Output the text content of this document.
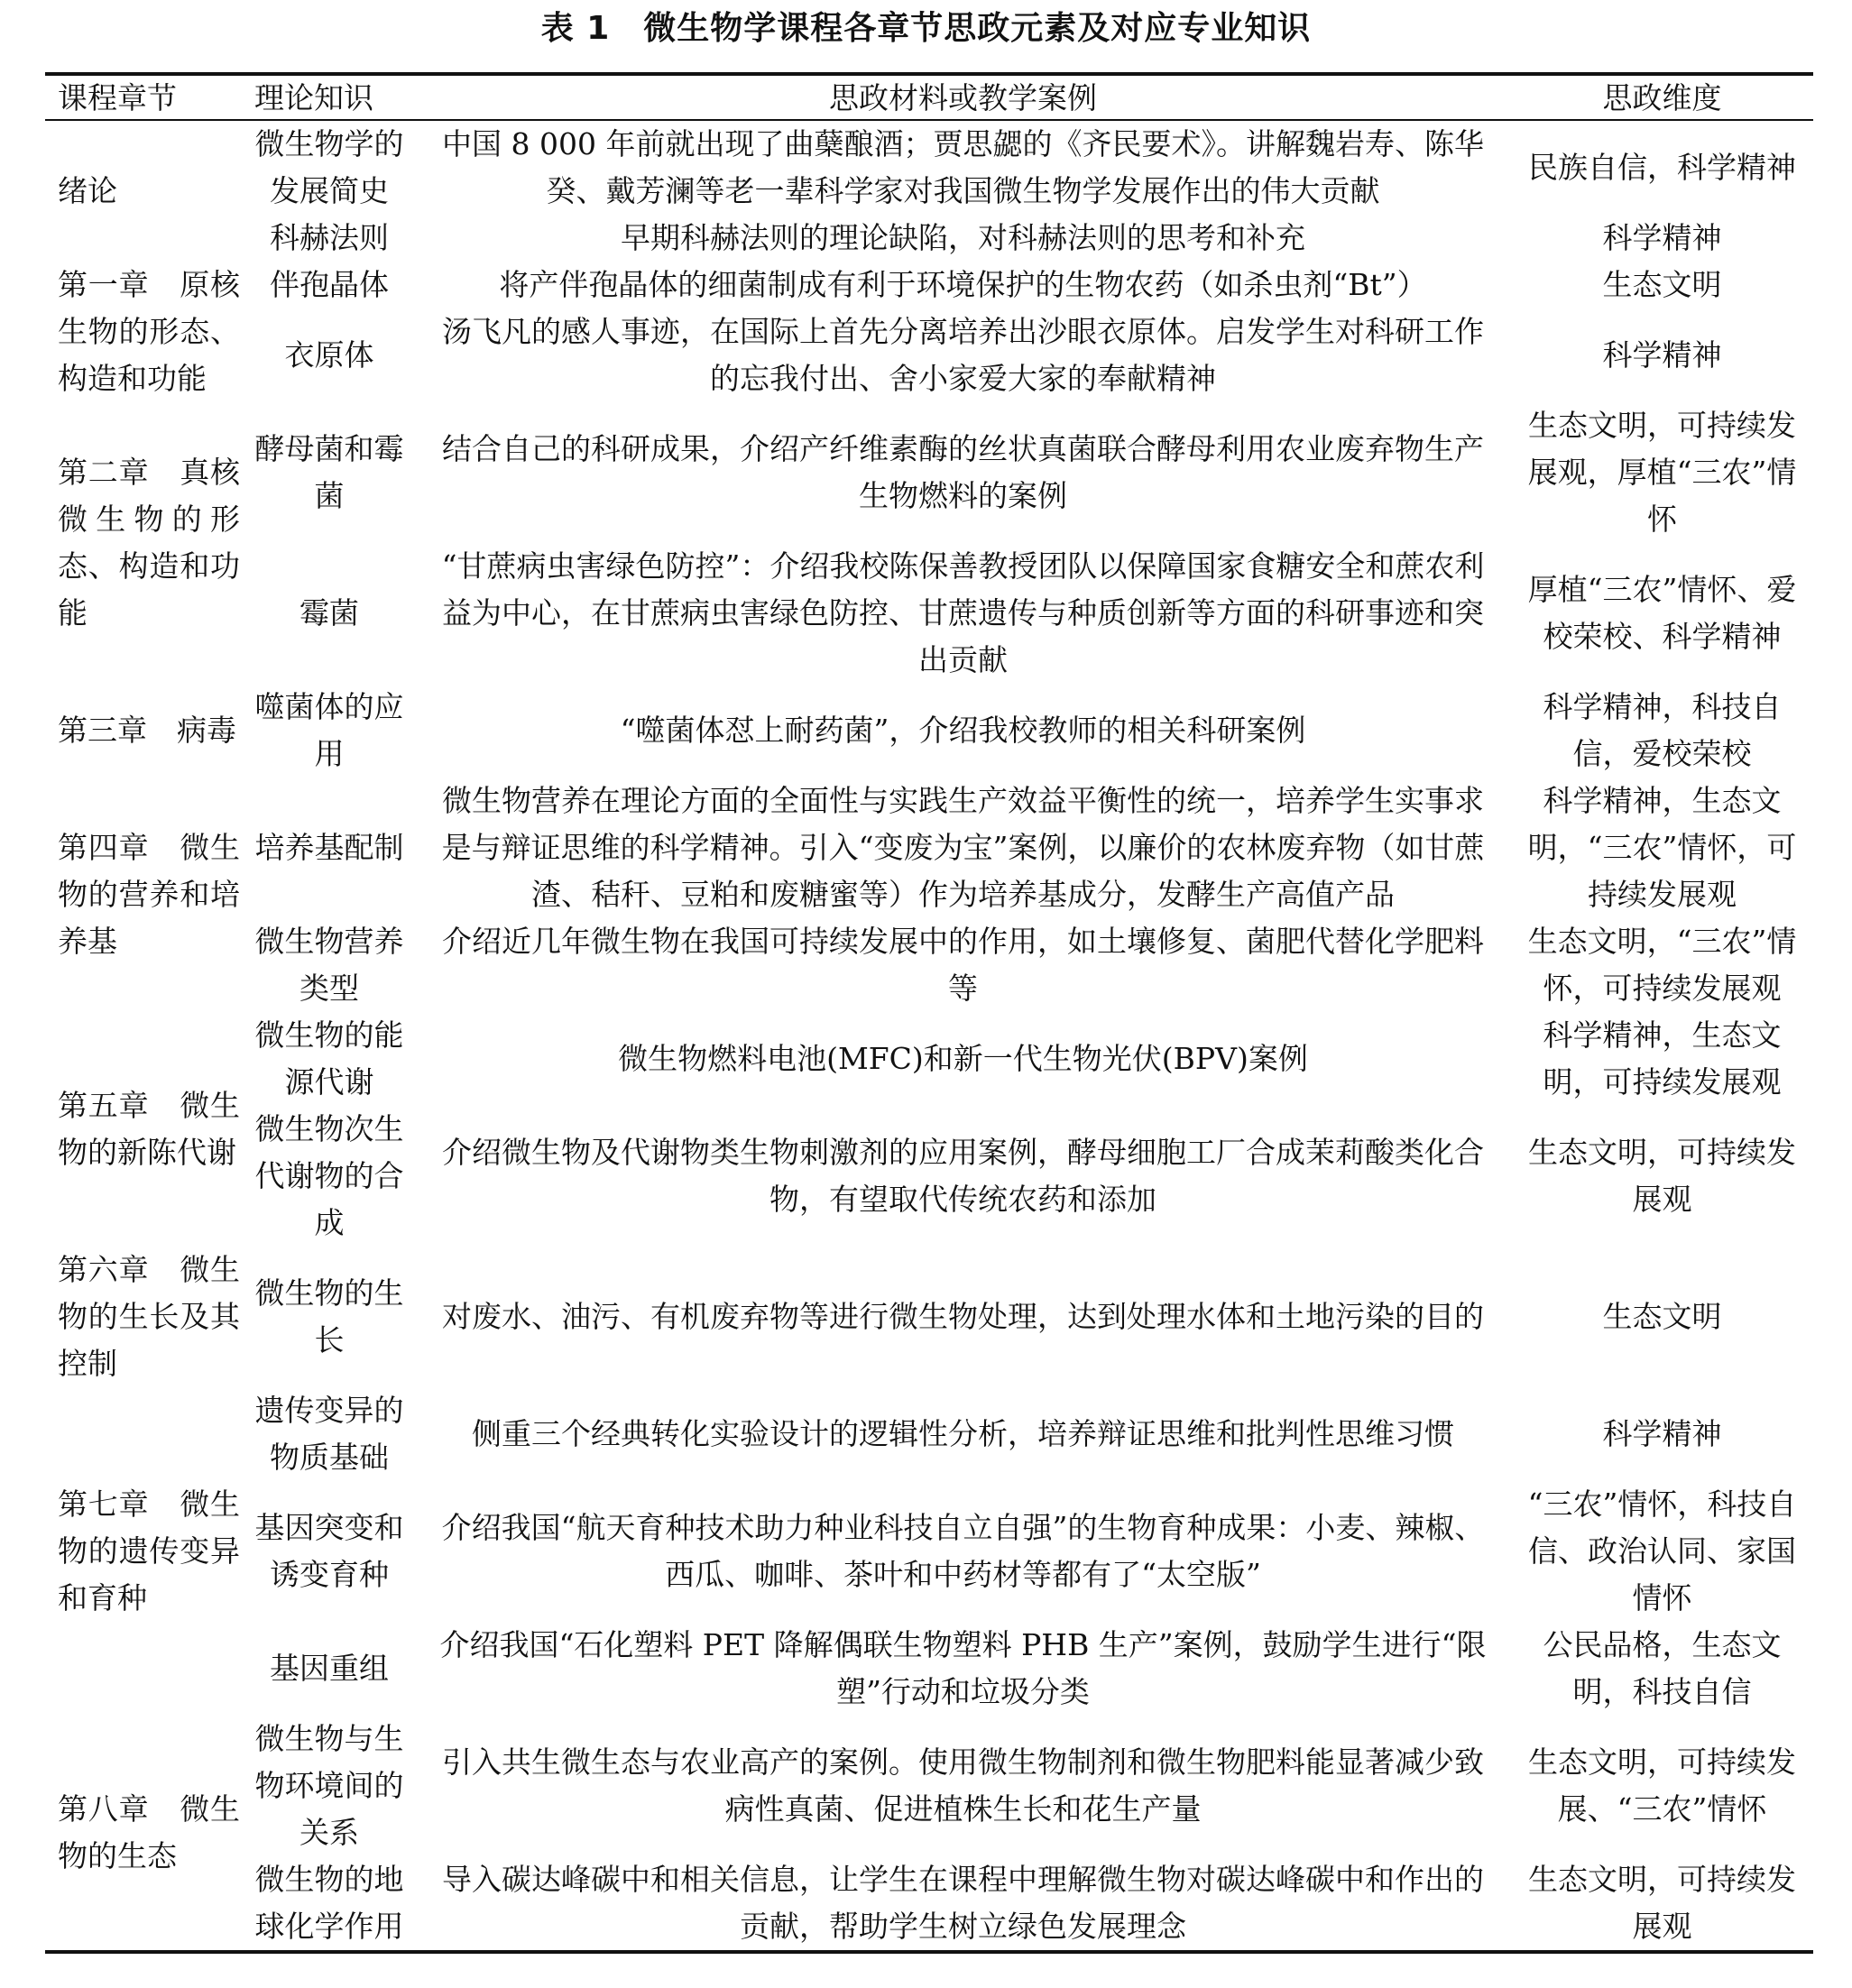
表 1　微生物学课程各章节思政元素及对应专业知识
课程章节	理论知识	思政材料或教学案例	思政维度
绪论	微生物学的发展简史	中国 8 000 年前就出现了曲蘖酿酒；贾思勰的《齐民要术》。讲解魏岩寿、陈华癸、戴芳澜等老一辈科学家对我国微生物学发展作出的伟大贡献	民族自信，科学精神
	科赫法则	早期科赫法则的理论缺陷，对科赫法则的思考和补充	科学精神
第一章　原核生物的形态、构造和功能	伴孢晶体	将产伴孢晶体的细菌制成有利于环境保护的生物农药（如杀虫剂“Bt”）	生态文明
	衣原体	汤飞凡的感人事迹，在国际上首先分离培养出沙眼衣原体。启发学生对科研工作的忘我付出、舍小家爱大家的奉献精神	科学精神
第二章　真核微生物的形态、构造和功能	酵母菌和霉菌	结合自己的科研成果，介绍产纤维素酶的丝状真菌联合酵母利用农业废弃物生产生物燃料的案例	生态文明，可持续发展观，厚植“三农”情怀
	霉菌	“甘蔗病虫害绿色防控”：介绍我校陈保善教授团队以保障国家食糖安全和蔗农利益为中心，在甘蔗病虫害绿色防控、甘蔗遗传与种质创新等方面的科研事迹和突出贡献	厚植“三农”情怀、爱校荣校、科学精神
第三章　病毒	噬菌体的应用	“噬菌体怼上耐药菌”，介绍我校教师的相关科研案例	科学精神，科技自信，爱校荣校
第四章　微生物的营养和培养基	培养基配制	微生物营养在理论方面的全面性与实践生产效益平衡性的统一，培养学生实事求是与辩证思维的科学精神。引入“变废为宝”案例，以廉价的农林废弃物（如甘蔗渣、秸秆、豆粕和废糖蜜等）作为培养基成分，发酵生产高值产品	科学精神，生态文明，“三农”情怀，可持续发展观
	微生物营养类型	介绍近几年微生物在我国可持续发展中的作用，如土壤修复、菌肥代替化学肥料等	生态文明，“三农”情怀，可持续发展观
第五章　微生物的新陈代谢	微生物的能源代谢	微生物燃料电池(MFC)和新一代生物光伏(BPV)案例	科学精神，生态文明，可持续发展观
	微生物次生代谢物的合成	介绍微生物及代谢物类生物刺激剂的应用案例，酵母细胞工厂合成茉莉酸类化合物，有望取代传统农药和添加	生态文明，可持续发展观
第六章　微生物的生长及其控制	微生物的生长	对废水、油污、有机废弃物等进行微生物处理，达到处理水体和土地污染的目的	生态文明
第七章　微生物的遗传变异和育种	遗传变异的物质基础	侧重三个经典转化实验设计的逻辑性分析，培养辩证思维和批判性思维习惯	科学精神
	基因突变和诱变育种	介绍我国“航天育种技术助力种业科技自立自强”的生物育种成果：小麦、辣椒、西瓜、咖啡、茶叶和中药材等都有了“太空版”	“三农”情怀，科技自信、政治认同、家国情怀
	基因重组	介绍我国“石化塑料 PET 降解偶联生物塑料 PHB 生产”案例，鼓励学生进行“限塑”行动和垃圾分类	公民品格，生态文明，科技自信
第八章　微生物的生态	微生物与生物环境间的关系	引入共生微生态与农业高产的案例。使用微生物制剂和微生物肥料能显著减少致病性真菌、促进植株生长和花生产量	生态文明，可持续发展、“三农”情怀
	微生物的地球化学作用	导入碳达峰碳中和相关信息，让学生在课程中理解微生物对碳达峰碳中和作出的贡献，帮助学生树立绿色发展理念	生态文明，可持续发展观
